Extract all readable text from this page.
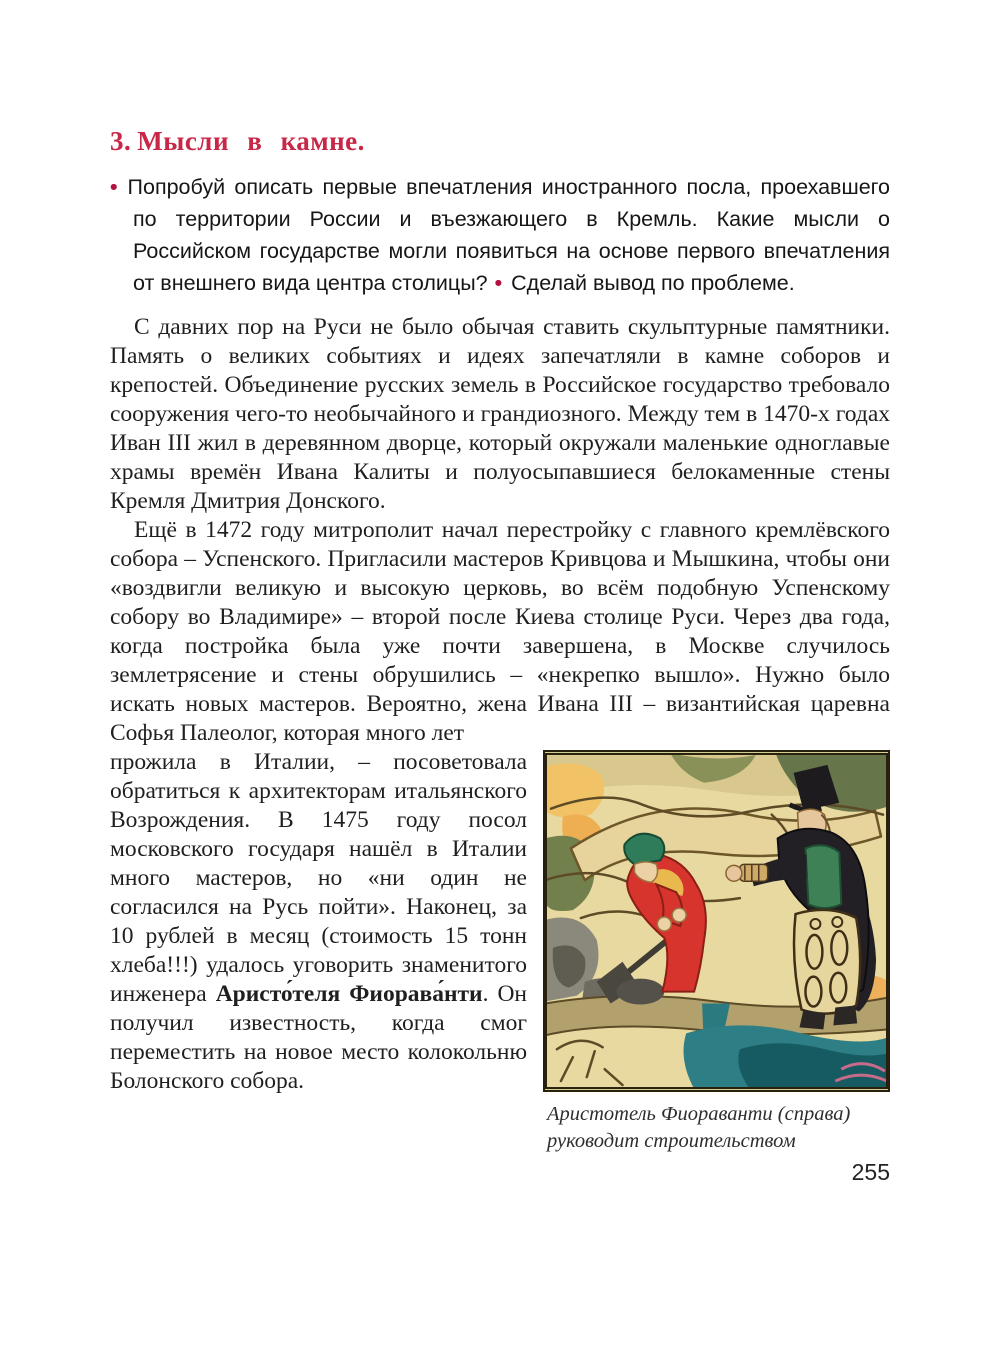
3. Мысли в камне.
• Попробуй описать первые впечатления иностранного посла, проехавшего по территории России и въезжающего в Кремль. Какие мысли о Российском государстве могли появиться на основе первого впечатления от внешнего вида центра столицы? • Сделай вывод по проблеме.

С давних пор на Руси не было обычая ставить скульптурные памятники. Память о великих событиях и идеях запечатляли в камне соборов и крепостей. Объединение русских земель в Российское государство требовало сооружения чего-то необычайного и грандиозного. Между тем в 1470-х годах Иван III жил в деревянном дворце, который окружали маленькие одноглавые храмы времён Ивана Калиты и полуосыпавшиеся белокаменные стены Кремля Дмитрия Донского.

Ещё в 1472 году митрополит начал перестройку с главного кремлёвского собора – Успенского. Пригласили мастеров Кривцова и Мышкина, чтобы они «воздвигли великую и высокую церковь, во всём подобную Успенскому собору во Владимире» – второй после Киева столице Руси. Через два года, когда постройка была уже почти завершена, в Москве случилось землетрясение и стены обрушились – «некрепко вышло». Нужно было искать новых мастеров. Вероятно, жена Ивана III – византийская царевна Софья Палеолог, которая много лет

Аристотель Фиораванти (справа)
руководит строительством

прожила в Италии, – посоветовала обратиться к архитекторам итальянского Возрождения. В 1475 году посол московского государя нашёл в Италии много мастеров, но «ни один не согласился на Русь пойти». Наконец, за 10 рублей в месяц (стоимость 15 тонн хлеба!!!) удалось уговорить знаменитого инженера Аристо́теля Фиорава́нти. Он получил известность, когда смог переместить на новое место колокольню Болонского собора.

255
